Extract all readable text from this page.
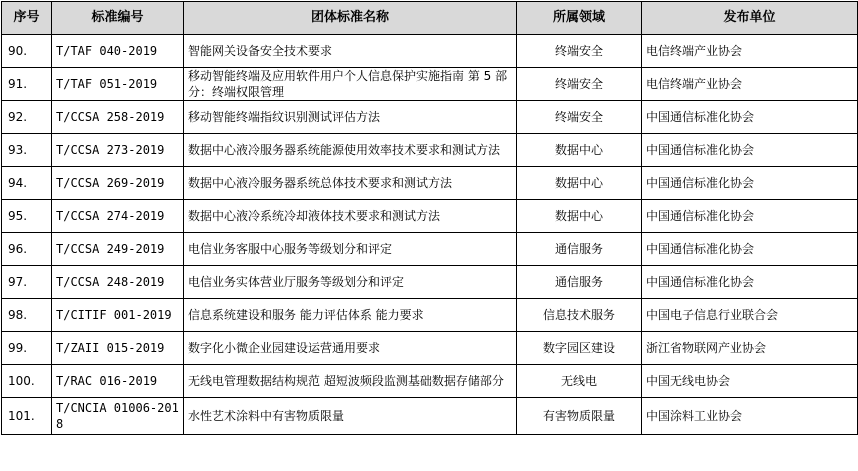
序号	标准编号	团体标准名称	所属领域	发布单位
90.	T/TAF 040-2019	智能网关设备安全技术要求	终端安全	电信终端产业协会
91.	T/TAF 051-2019	移动智能终端及应用软件用户个人信息保护实施指南 第 5 部分：终端权限管理	终端安全	电信终端产业协会
92.	T/CCSA 258-2019	移动智能终端指纹识别测试评估方法	终端安全	中国通信标准化协会
93.	T/CCSA 273-2019	数据中心液冷服务器系统能源使用效率技术要求和测试方法	数据中心	中国通信标准化协会
94.	T/CCSA 269-2019	数据中心液冷服务器系统总体技术要求和测试方法	数据中心	中国通信标准化协会
95.	T/CCSA 274-2019	数据中心液冷系统冷却液体技术要求和测试方法	数据中心	中国通信标准化协会
96.	T/CCSA 249-2019	电信业务客服中心服务等级划分和评定	通信服务	中国通信标准化协会
97.	T/CCSA 248-2019	电信业务实体营业厅服务等级划分和评定	通信服务	中国通信标准化协会
98.	T/CITIF 001-2019	信息系统建设和服务 能力评估体系 能力要求	信息技术服务	中国电子信息行业联合会
99.	T/ZAII 015-2019	数字化小微企业园建设运营通用要求	数字园区建设	浙江省物联网产业协会
100.	T/RAC 016-2019	无线电管理数据结构规范 超短波频段监测基础数据存储部分	无线电	中国无线电协会
101.	T/CNCIA 01006-2018	水性艺术涂料中有害物质限量	有害物质限量	中国涂料工业协会
